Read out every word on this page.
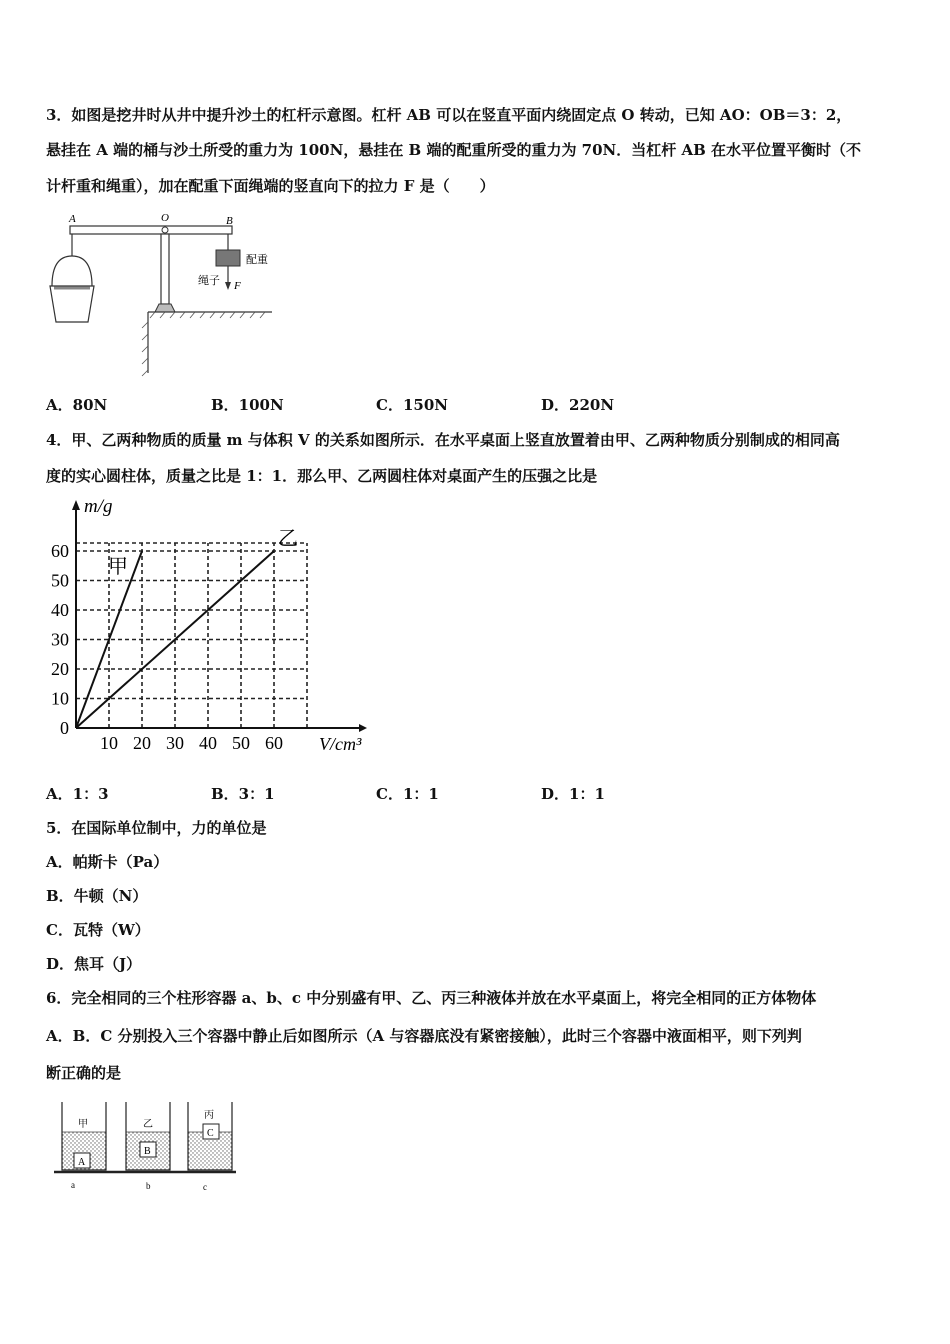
3．如图是挖井时从井中提升沙土的杠杆示意图。杠杆 AB 可以在竖直平面内绕固定点 O 转动，已知 AO：OB＝3：2，
悬挂在 A 端的桶与沙土所受的重力为 100N，悬挂在 B 端的配重所受的重力为 70N．当杠杆 AB 在水平位置平衡时（不
计杆重和绳重），加在配重下面绳端的竖直向下的拉力 F 是（　　）
A	O	B
配重
绳子 F
A．80N	B．100N	C．150N	D．220N
4．甲、乙两种物质的质量 m 与体积 V 的关系如图所示．在水平桌面上竖直放置着由甲、乙两种物质分别制成的相同高
度的实心圆柱体，质量之比是 1：1．那么甲、乙两圆柱体对桌面产生的压强之比是
10 20 30 40 50 60
0
10
20
30
40
50
60
m/g
V/cm³
甲
乙
A．1：3	B．3：1	C．1：1	D．1：1
5．在国际单位制中，力的单位是
A．帕斯卡（Pa）
B．牛顿（N）
C．瓦特（W）
D．焦耳（J）
6．完全相同的三个柱形容器 a、b、c 中分别盛有甲、乙、丙三种液体并放在水平桌面上，将完全相同的正方体物体
A．B．C 分别投入三个容器中静止后如图所示（A 与容器底没有紧密接触），此时三个容器中液面相平，则下列判
断正确的是
甲
A
乙
B
丙
C
a	b	c
